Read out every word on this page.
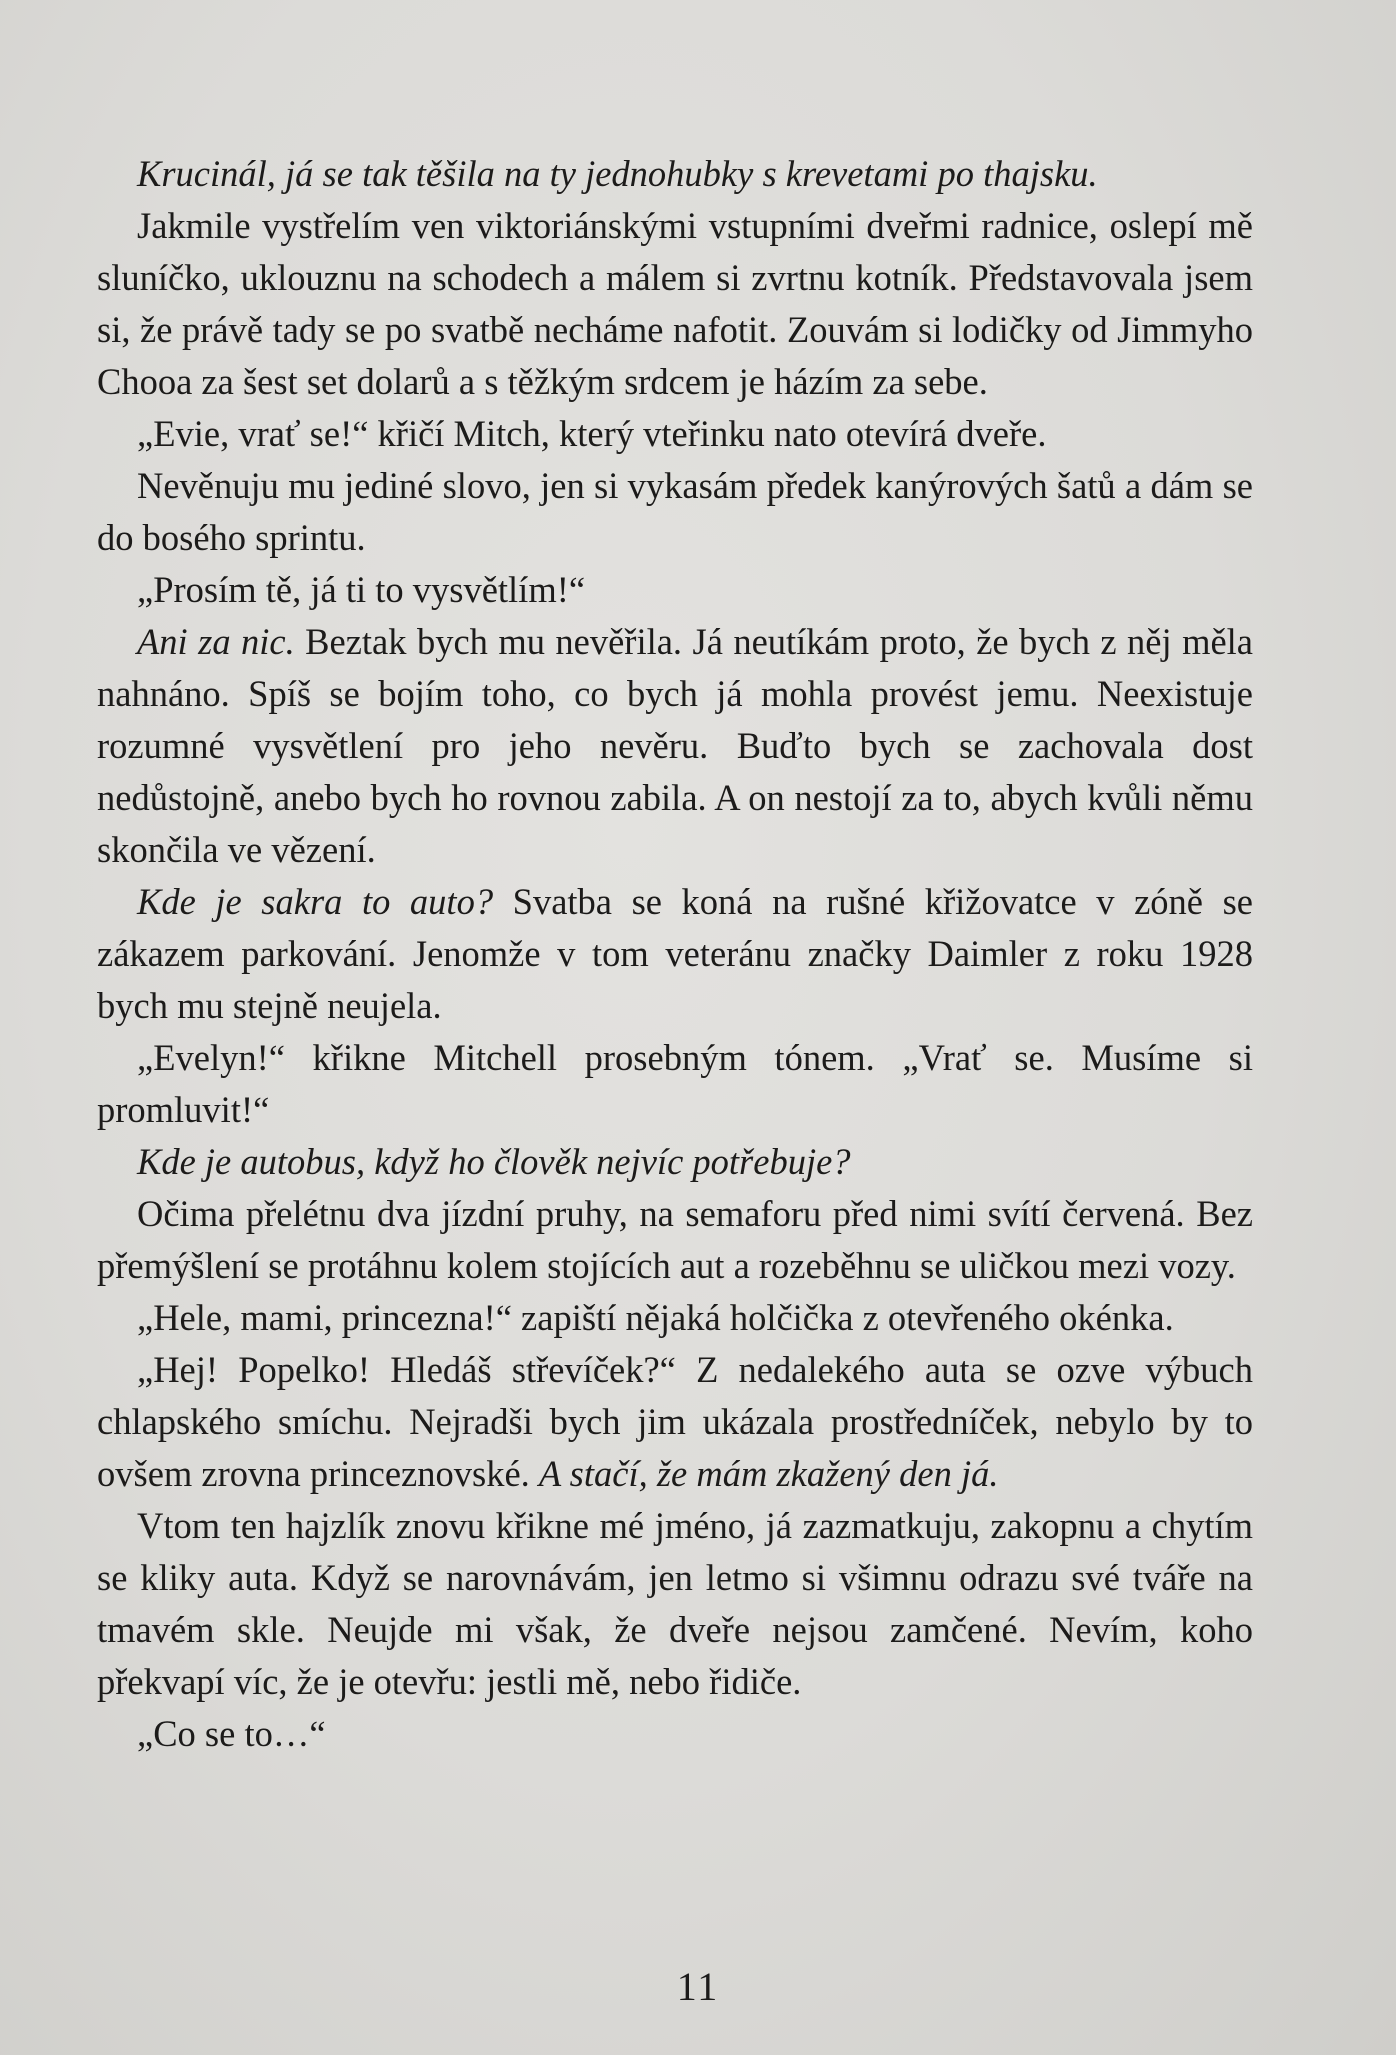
Krucinál, já se tak těšila na ty jednohubky s krevetami po thajsku.

Jakmile vystřelím ven viktoriánskými vstupními dveřmi radnice, oslepí mě sluníčko, uklouznu na schodech a málem si zvrtnu kotník. Představovala jsem si, že právě tady se po svatbě necháme nafotit. Zouvám si lodičky od Jimmyho Chooa za šest set dolarů a s těžkým srdcem je házím za sebe.

„Evie, vrať se!“ křičí Mitch, který vteřinku nato otevírá dveře.

Nevěnuju mu jediné slovo, jen si vykasám předek kanýrových šatů a dám se do bosého sprintu.

„Prosím tě, já ti to vysvětlím!“

Ani za nic. Beztak bych mu nevěřila. Já neutíkám proto, že bych z něj měla nahnáno. Spíš se bojím toho, co bych já mohla provést jemu. Neexistuje rozumné vysvětlení pro jeho nevěru. Buďto bych se zachovala dost nedůstojně, anebo bych ho rovnou zabila. A on nestojí za to, abych kvůli němu skončila ve vězení.

Kde je sakra to auto? Svatba se koná na rušné křižovatce v zóně se zákazem parkování. Jenomže v tom veteránu značky Daimler z roku 1928 bych mu stejně neujela.

„Evelyn!“ křikne Mitchell prosebným tónem. „Vrať se. Musíme si promluvit!“

Kde je autobus, když ho člověk nejvíc potřebuje?

Očima přelétnu dva jízdní pruhy, na semaforu před nimi svítí červená. Bez přemýšlení se protáhnu kolem stojících aut a rozeběhnu se uličkou mezi vozy.

„Hele, mami, princezna!“ zapiští nějaká holčička z otevřeného okénka.

„Hej! Popelko! Hledáš střevíček?“ Z nedalekého auta se ozve výbuch chlapského smíchu. Nejradši bych jim ukázala prostředníček, nebylo by to ovšem zrovna princeznovské. A stačí, že mám zkažený den já.

Vtom ten hajzlík znovu křikne mé jméno, já zazmatkuju, zakopnu a chytím se kliky auta. Když se narovnávám, jen letmo si všimnu odrazu své tváře na tmavém skle. Neujde mi však, že dveře nejsou zamčené. Nevím, koho překvapí víc, že je otevřu: jestli mě, nebo řidiče.

„Co se to…“

11
